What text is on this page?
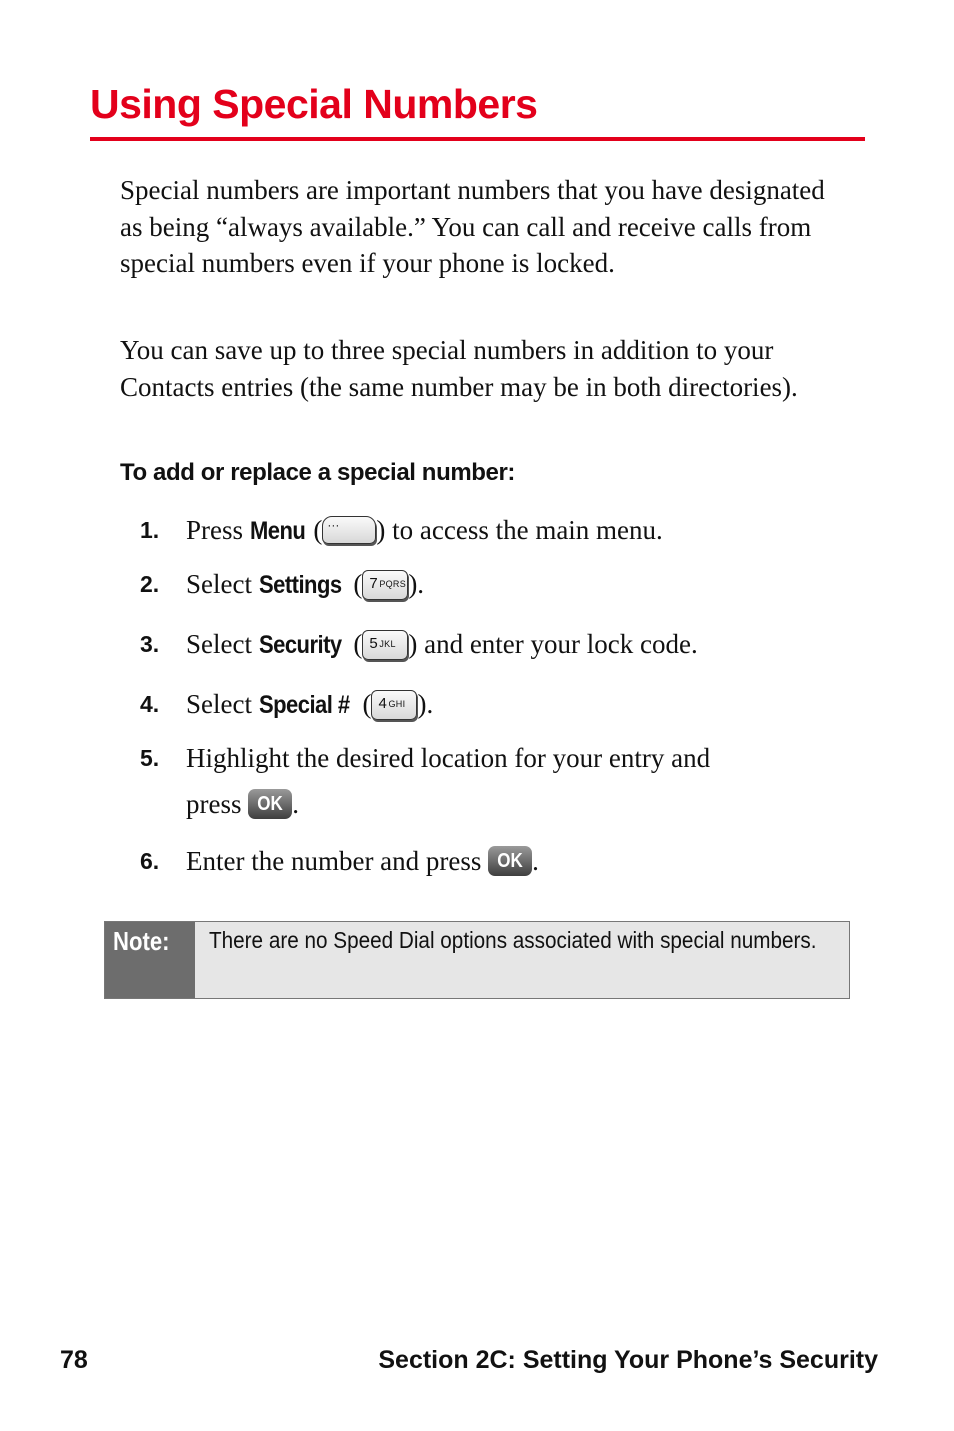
Using Special Numbers

Special numbers are important numbers that you have designated as being “always available.” You can call and receive calls from special numbers even if your phone is locked.

You can save up to three special numbers in addition to your Contacts entries (the same number may be in both directories).

To add or replace a special number:

1. Press Menu ( ··· ) to access the main menu.
2. Select Settings ( 7 PQRS ).
3. Select Security ( 5 JKL ) and enter your lock code.
4. Select Special # ( 4 GHI ).
5. Highlight the desired location for your entry and
press OK .
6. Enter the number and press OK .
Note: There are no Speed Dial options associated with special numbers.
78	Section 2C: Setting Your Phone’s Security
